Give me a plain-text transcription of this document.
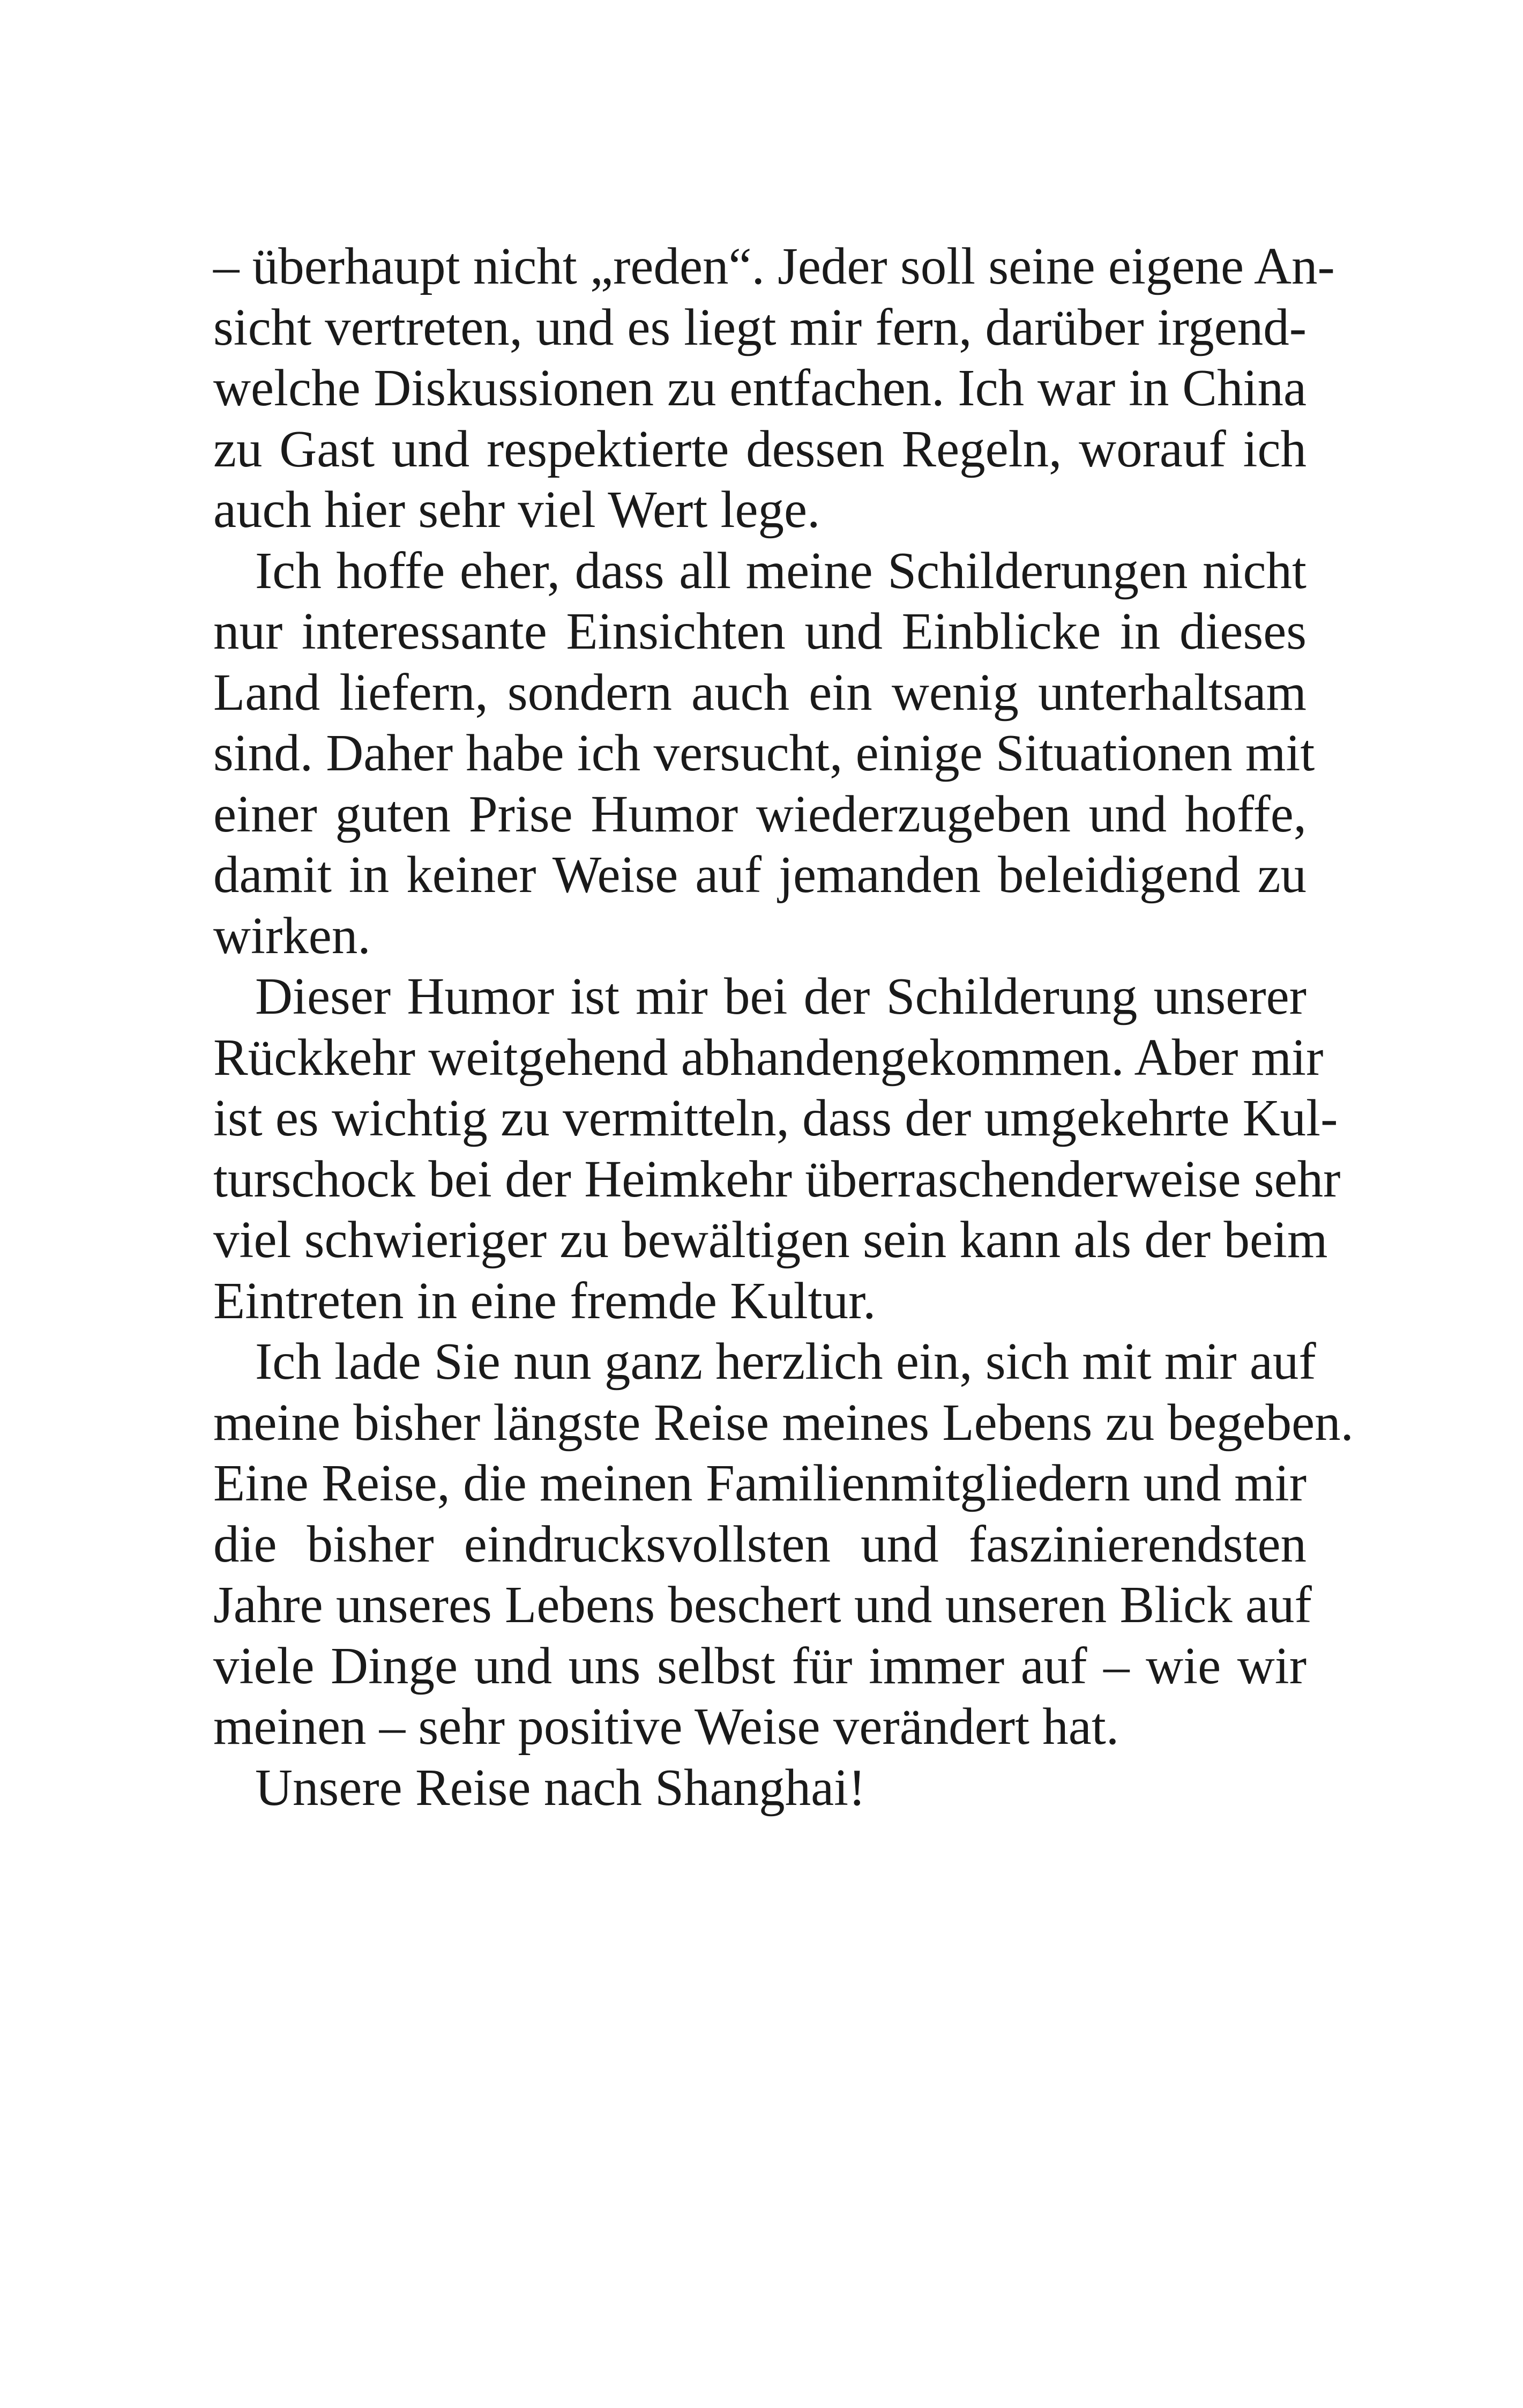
– überhaupt nicht „reden“. Jeder soll seine eigene An-
sicht vertreten, und es liegt mir fern, darüber irgend-
welche Diskussionen zu entfachen. Ich war in China
zu Gast und respektierte dessen Regeln, worauf ich
auch hier sehr viel Wert lege.
Ich hoffe eher, dass all meine Schilderungen nicht
nur interessante Einsichten und Einblicke in dieses
Land liefern, sondern auch ein wenig unterhaltsam
sind. Daher habe ich versucht, einige Situationen mit
einer guten Prise Humor wiederzugeben und hoffe,
damit in keiner Weise auf jemanden beleidigend zu
wirken.
Dieser Humor ist mir bei der Schilderung unserer
Rückkehr weitgehend abhandengekommen. Aber mir
ist es wichtig zu vermitteln, dass der umgekehrte Kul-
turschock bei der Heimkehr überraschenderweise sehr
viel schwieriger zu bewältigen sein kann als der beim
Eintreten in eine fremde Kultur.
Ich lade Sie nun ganz herzlich ein, sich mit mir auf
meine bisher längste Reise meines Lebens zu begeben.
Eine Reise, die meinen Familienmitgliedern und mir
die bisher eindrucksvollsten und faszinierendsten
Jahre unseres Lebens beschert und unseren Blick auf
viele Dinge und uns selbst für immer auf – wie wir
meinen – sehr positive Weise verändert hat.
Unsere Reise nach Shanghai!
